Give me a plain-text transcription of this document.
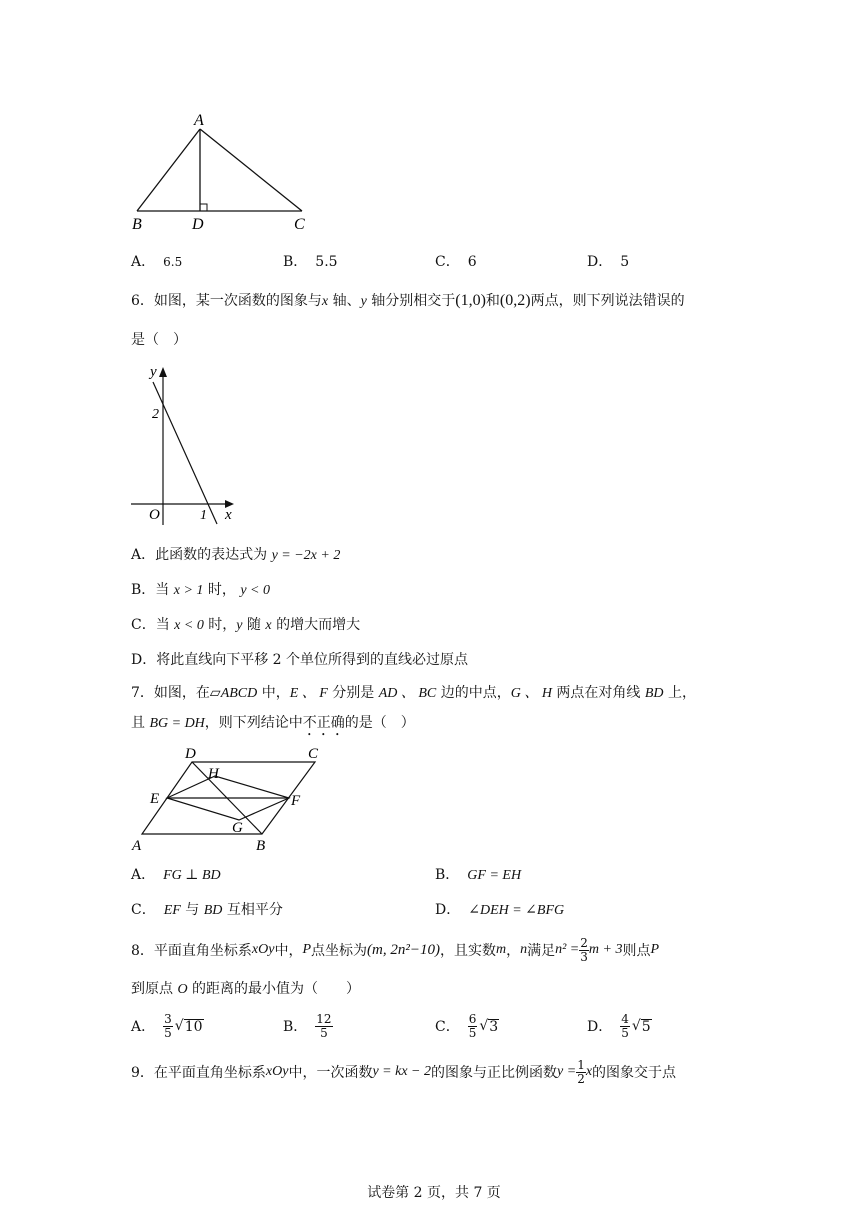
A
B	D	C
A． 6.5	B． 5.5	C． 6	D． 5
6．如图，某一次函数的图象与x 轴、y 轴分别相交于(1,0)和(0,2)两点，则下列说法错误的
是（　）
y
2
O	1 x
A．此函数的表达式为 y = −2x + 2
B．当 x > 1 时， y < 0
C．当 x < 0 时，y 随 x 的增大而增大
D．将此直线向下平移 2 个单位所得到的直线必过原点
7．如图，在▱ABCD 中，E 、 F 分别是 AD 、 BC 边的中点，G 、 H 两点在对角线 BD 上，
且 BG = DH，则下列结论中不正确的是（　）
D	C
H
E	F
G
A	B
A． FG ⊥ BD	B． GF = EH
C． EF 与 BD 互相平分	D． ∠DEH = ∠BFG
8． 平面直角坐标系 xOy 中， P 点坐标为 (m, 2n²−10) ，且实数 m ， n 满足 $n^2 = \frac{2}{3}$ m + 3 则点 P
到原点 O 的距离的最小值为（　　）
A． $\frac{3}{5}$ √ 10	B． $\frac{12}{5}$	C． $\frac{6}{5}$ √ 3	D． $\frac{4}{5}$ √ 5
9． 在平面直角坐标系 xOy 中，一次函数 y = kx − 2 的图象与正比例函数 $y = \frac{1}{2}$ x 的图象交于点
试卷第 2 页，共 7 页
